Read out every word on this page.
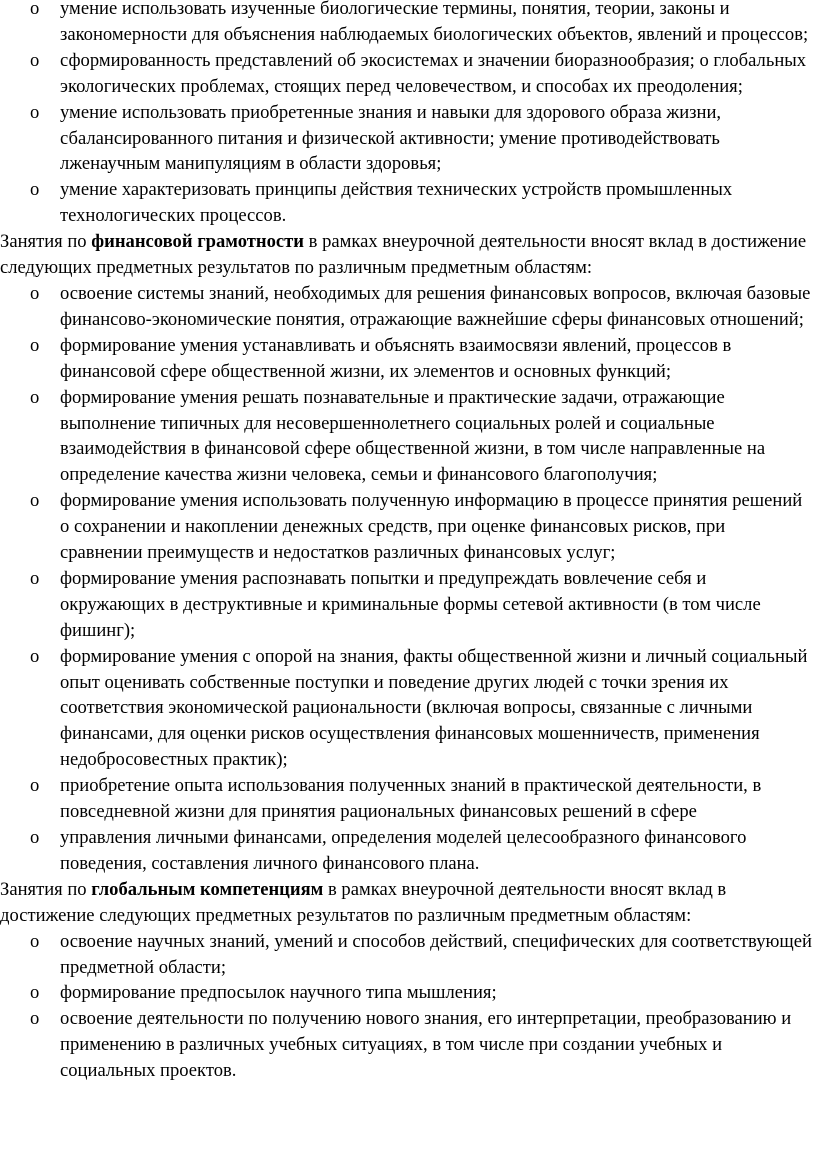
o умение использовать изученные биологические термины, понятия, теории, законы и закономерности для объяснения наблюдаемых биологических объектов, явлений и процессов;
o сформированность представлений об экосистемах и значении биоразнообразия; о глобальных экологических проблемах, стоящих перед человечеством, и способах их преодоления;
o умение использовать приобретенные знания и навыки для здорового образа жизни, сбалансированного питания и физической активности; умение противодействовать лженаучным манипуляциям в области здоровья;
o умение характеризовать принципы действия технических устройств промышленных технологических процессов.

Занятия по финансовой грамотности в рамках внеурочной деятельности вносят вклад в достижение следующих предметных результатов по различным предметным областям:

o освоение системы знаний, необходимых для решения финансовых вопросов, включая базовые финансово-экономические понятия, отражающие важнейшие сферы финансовых отношений;
o формирование умения устанавливать и объяснять взаимосвязи явлений, процессов в финансовой сфере общественной жизни, их элементов и основных функций;
o формирование умения решать познавательные и практические задачи, отражающие выполнение типичных для несовершеннолетнего социальных ролей и социальные взаимодействия в финансовой сфере общественной жизни, в том числе направленные на определение качества жизни человека, семьи и финансового благополучия;
o формирование умения использовать полученную информацию в процессе принятия решений о сохранении и накоплении денежных средств, при оценке финансовых рисков, при сравнении преимуществ и недостатков различных финансовых услуг;
o формирование умения распознавать попытки и предупреждать вовлечение себя и окружающих в деструктивные и криминальные формы сетевой активности (в том числе фишинг);
o формирование умения с опорой на знания, факты общественной жизни и личный социальный опыт оценивать собственные поступки и поведение других людей с точки зрения их соответствия экономической рациональности (включая вопросы, связанные с личными финансами, для оценки рисков осуществления финансовых мошенничеств, применения недобросовестных практик);
o приобретение опыта использования полученных знаний в практической деятельности, в повседневной жизни для принятия рациональных финансовых решений в сфере
o управления личными финансами, определения моделей целесообразного финансового поведения, составления личного финансового плана.

Занятия по глобальным компетенциям в рамках внеурочной деятельности вносят вклад в достижение следующих предметных результатов по различным предметным областям:

o освоение научных знаний, умений и способов действий, специфических для соответствующей предметной области;
o формирование предпосылок научного типа мышления;
o освоение деятельности по получению нового знания, его интерпретации, преобразованию и применению в различных учебных ситуациях, в том числе при создании учебных и социальных проектов.
